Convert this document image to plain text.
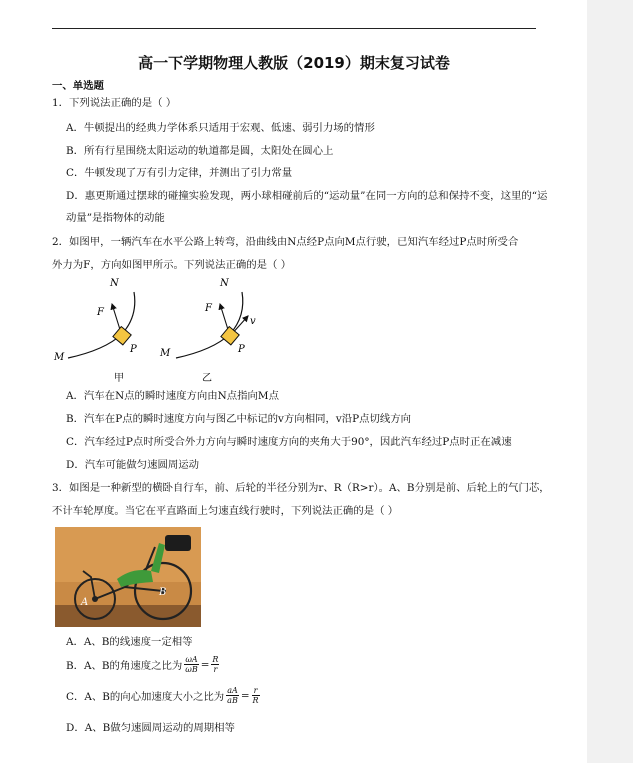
高一下学期物理人教版（2019）期末复习试卷
一、单选题
1．下列说法正确的是（ ）
A．牛顿提出的经典力学体系只适用于宏观、低速、弱引力场的情形
B．所有行星围绕太阳运动的轨道都是圆，太阳处在圆心上
C．牛顿发现了万有引力定律，并测出了引力常量
D．惠更斯通过摆球的碰撞实验发现，两小球相碰前后的“运动量”在同一方向的总和保持不变，这里的“运
动量”是指物体的动能
2．如图甲，一辆汽车在水平公路上转弯，沿曲线由N点经P点向M点行驶，已知汽车经过P点时所受合
外力为F，方向如图甲所示。下列说法正确的是（ ）
N
F
P
M
甲
N
F
v
P
M
乙
A．汽车在N点的瞬时速度方向由N点指向M点
B．汽车在P点的瞬时速度方向与图乙中标记的v方向相同，v沿P点切线方向
C．汽车经过P点时所受合外力方向与瞬时速度方向的夹角大于90°，因此汽车经过P点时正在减速
D．汽车可能做匀速圆周运动
3．如图是一种新型的横卧自行车，前、后轮的半径分别为r、R（R>r）。A、B分别是前、后轮上的气门芯，
不计车轮厚度。当它在平直路面上匀速直线行驶时，下列说法正确的是（ ）
A
B
A．A、B的线速度一定相等
B．A、B的角速度之比为 $\frac{\omega A}{\omega B} = \frac{R}{r}$
C．A、B的向心加速度大小之比为 $\frac{aA}{aB} = \frac{r}{R}$
D．A、B做匀速圆周运动的周期相等
